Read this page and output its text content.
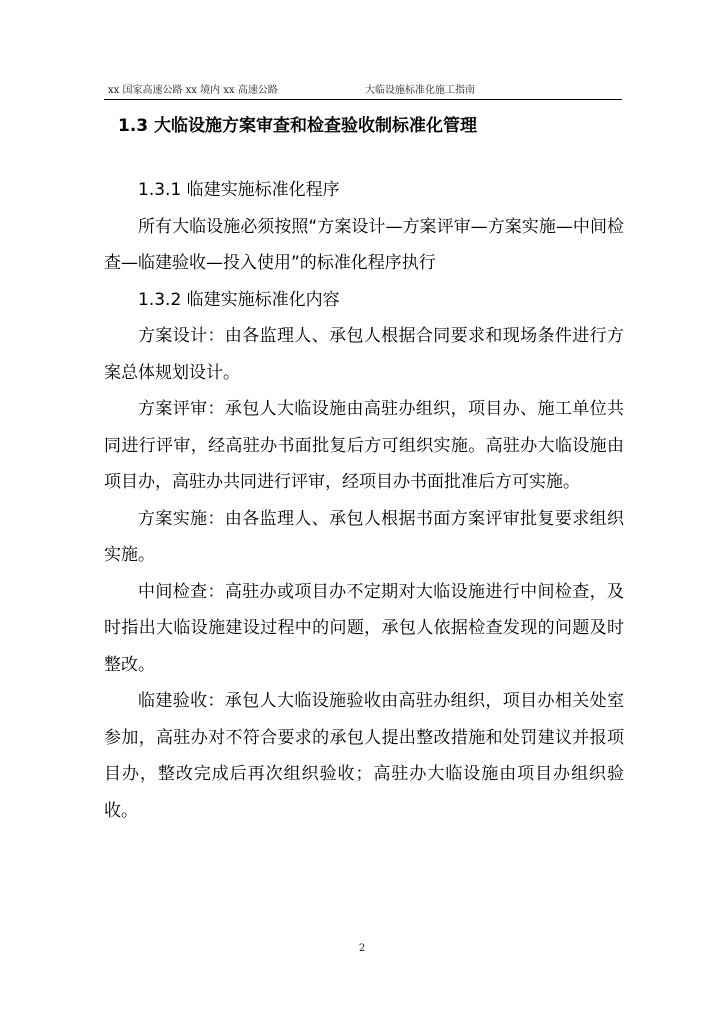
xx 国家高速公路 xx 境内 xx 高速公路	大临设施标准化施工指南
1.3 大临设施方案审查和检查验收制标准化管理

1.3.1 临建实施标准化程序

所有大临设施必须按照“方案设计—方案评审—方案实施—中间检查—临建验收—投入使用”的标准化程序执行

1.3.2 临建实施标准化内容

方案设计：由各监理人、承包人根据合同要求和现场条件进行方案总体规划设计。

方案评审：承包人大临设施由高驻办组织，项目办、施工单位共同进行评审，经高驻办书面批复后方可组织实施。高驻办大临设施由项目办，高驻办共同进行评审，经项目办书面批准后方可实施。

方案实施：由各监理人、承包人根据书面方案评审批复要求组织实施。

中间检查：高驻办或项目办不定期对大临设施进行中间检查，及时指出大临设施建设过程中的问题，承包人依据检查发现的问题及时整改。

临建验收：承包人大临设施验收由高驻办组织，项目办相关处室参加，高驻办对不符合要求的承包人提出整改措施和处罚建议并报项目办，整改完成后再次组织验收；高驻办大临设施由项目办组织验收。

2
